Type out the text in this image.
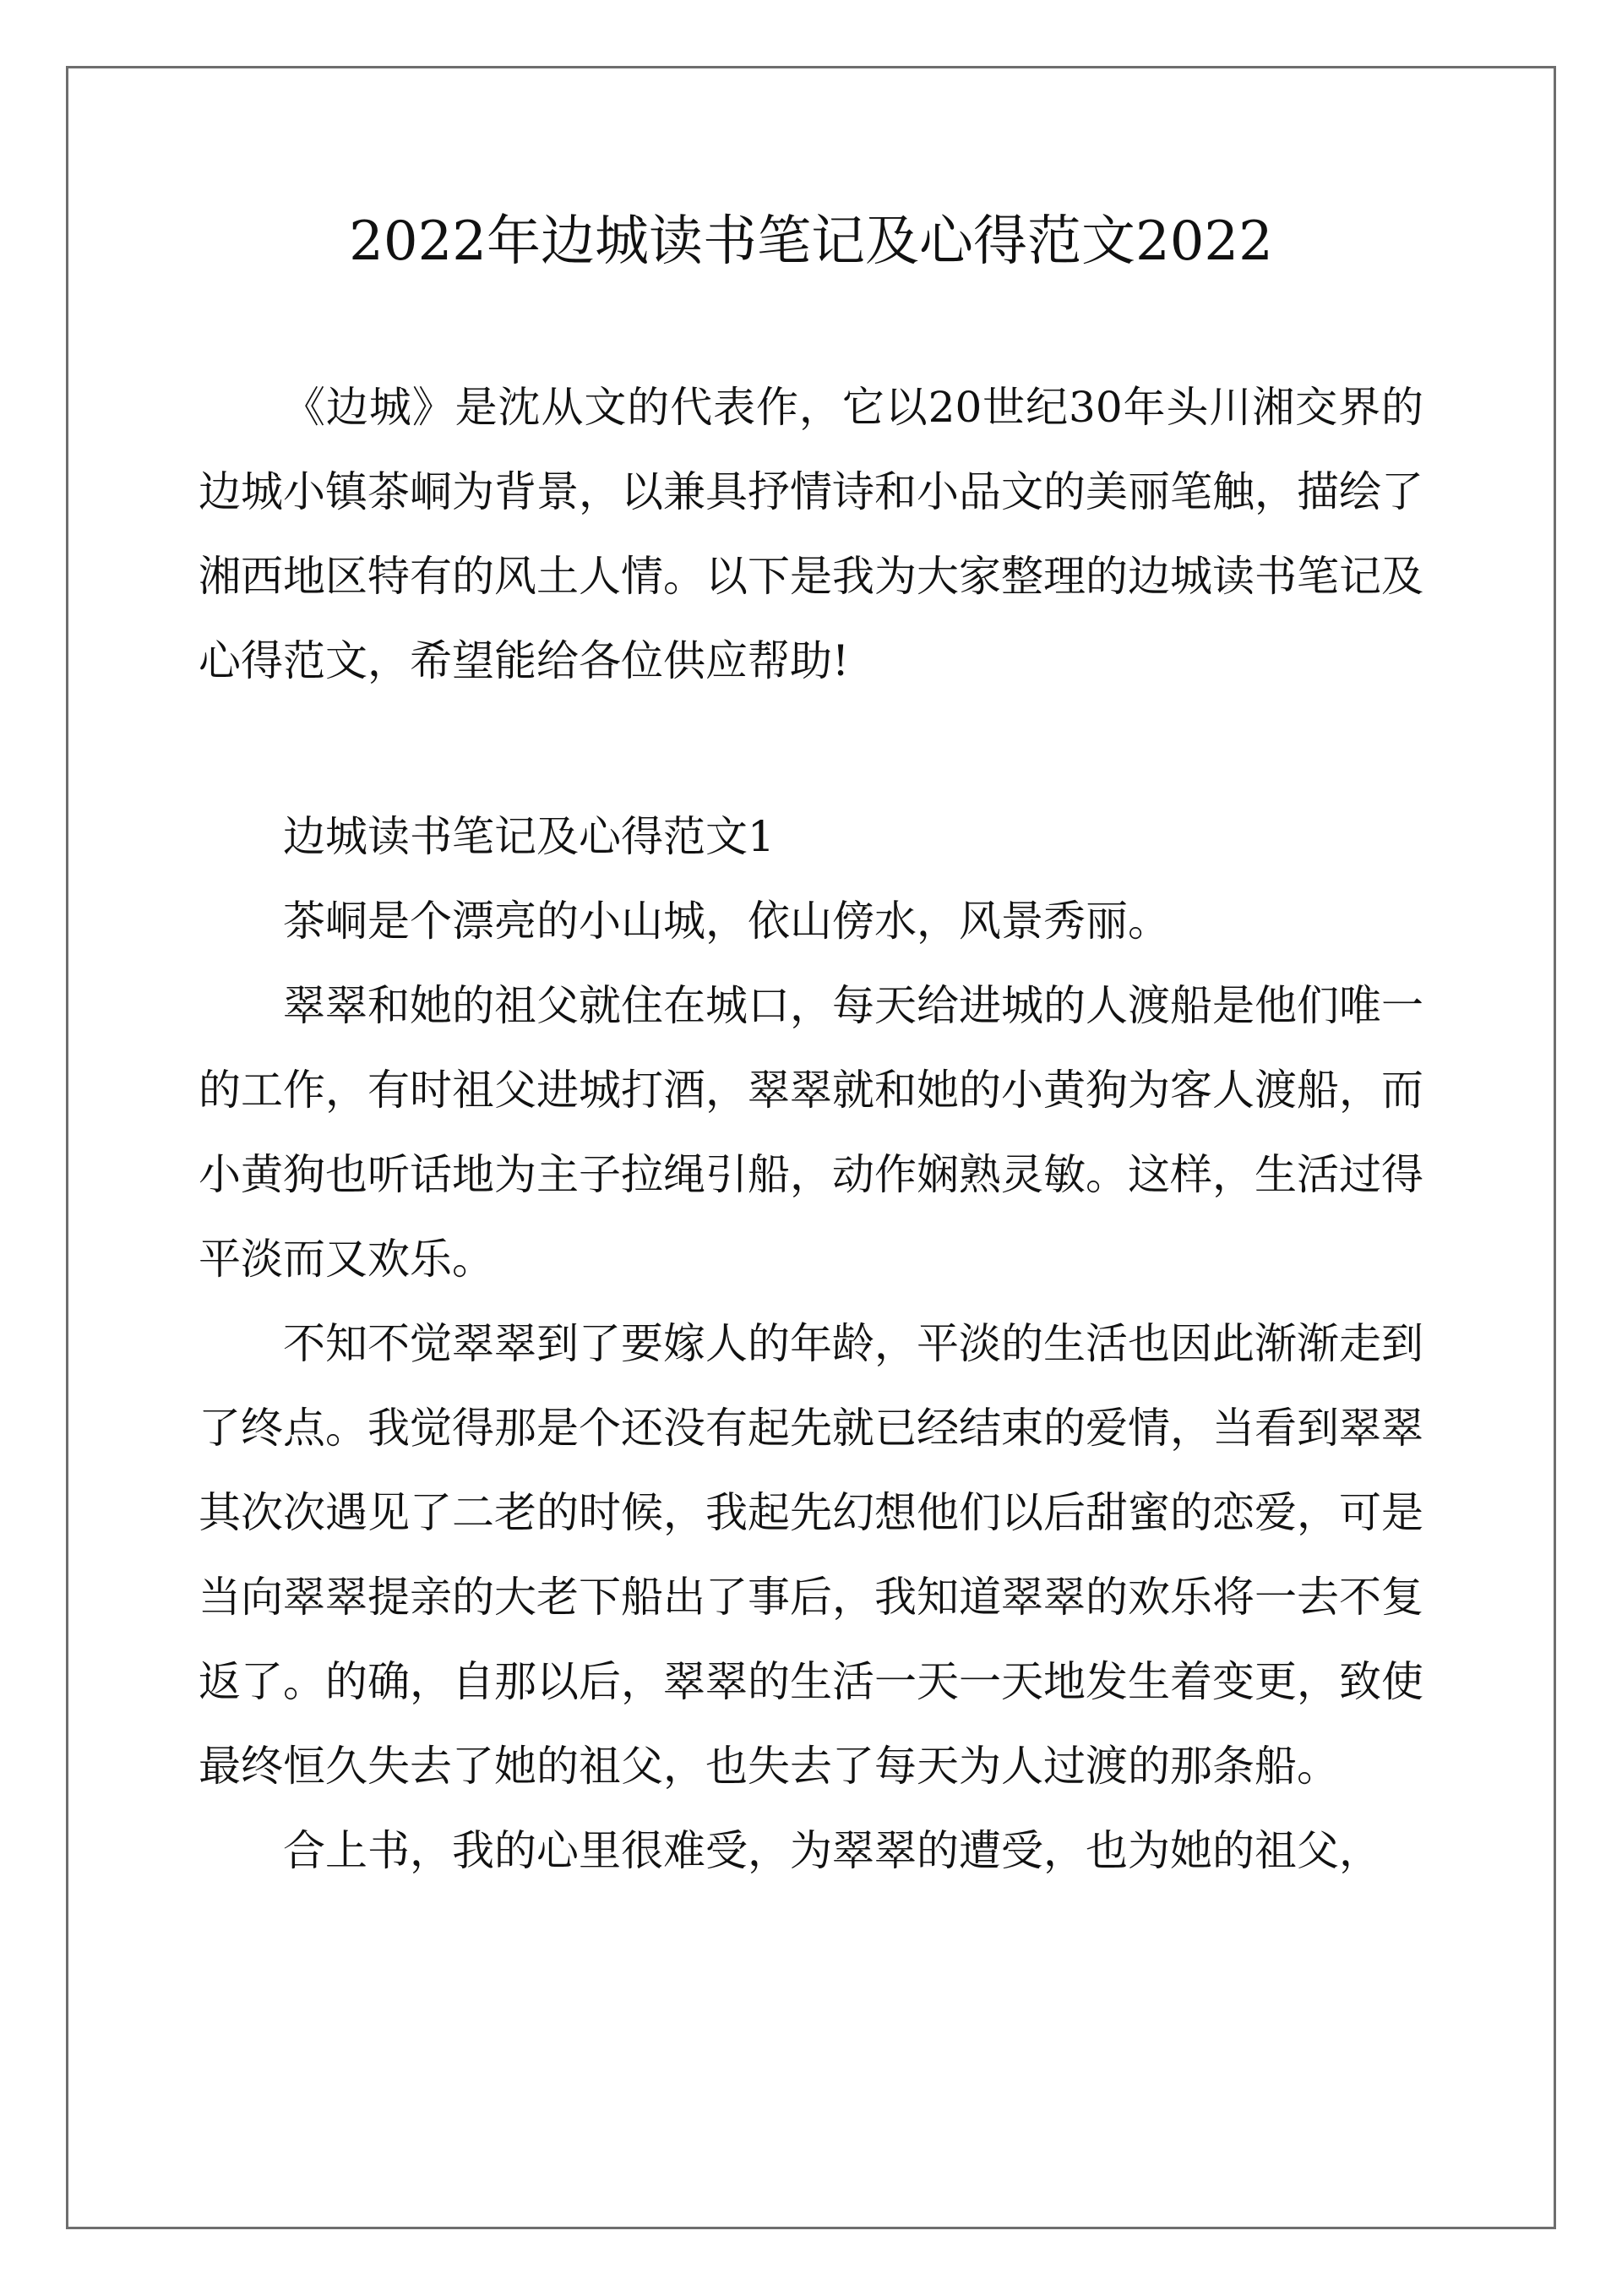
2022年边城读书笔记及心得范文2022

《边城》是沈从文的代表作，它以20世纪30年头川湘交界的边城小镇茶峒为背景，以兼具抒情诗和小品文的美丽笔触，描绘了湘西地区特有的风土人情。以下是我为大家整理的边城读书笔记及心得范文，希望能给各位供应帮助!

边城读书笔记及心得范文1

茶峒是个漂亮的小山城，依山傍水，风景秀丽。

翠翠和她的祖父就住在城口，每天给进城的人渡船是他们唯一的工作，有时祖父进城打酒，翠翠就和她的小黄狗为客人渡船，而小黄狗也听话地为主子拉绳引船，动作娴熟灵敏。这样，生活过得平淡而又欢乐。

不知不觉翠翠到了要嫁人的年龄，平淡的生活也因此渐渐走到了终点。我觉得那是个还没有起先就已经结束的爱情，当看到翠翠其次次遇见了二老的时候，我起先幻想他们以后甜蜜的恋爱，可是当向翠翠提亲的大老下船出了事后，我知道翠翠的欢乐将一去不复返了。的确，自那以后，翠翠的生活一天一天地发生着变更，致使最终恒久失去了她的祖父，也失去了每天为人过渡的那条船。

合上书，我的心里很难受，为翠翠的遭受，也为她的祖父，
